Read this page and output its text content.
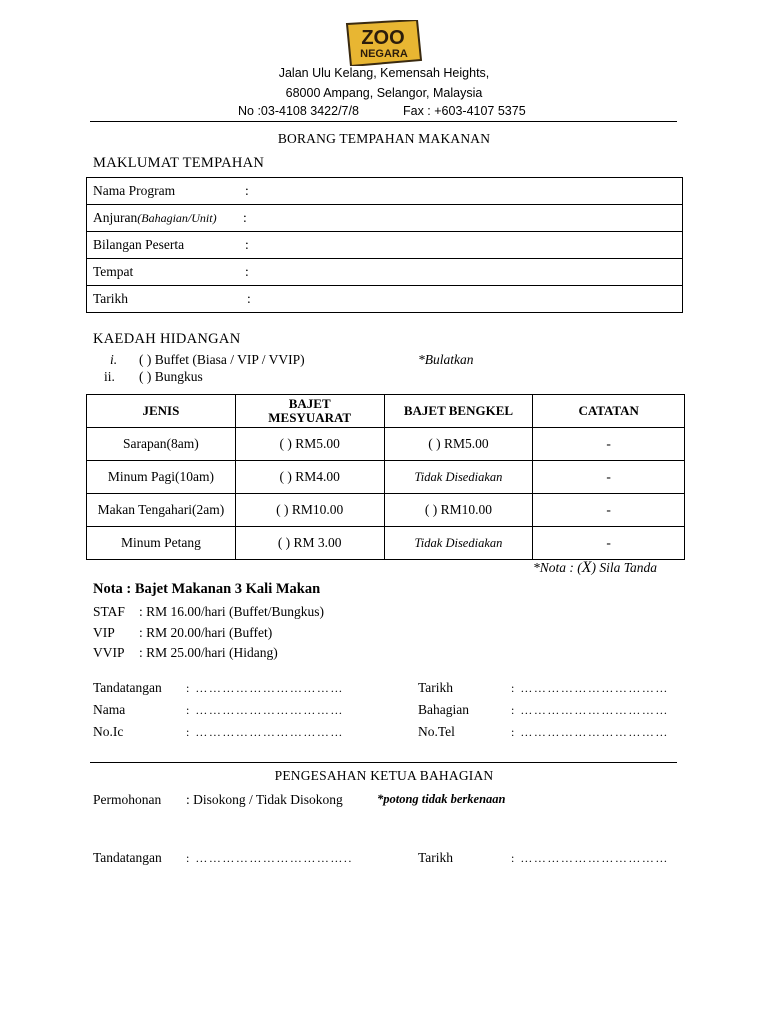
ZOO
NEGARA
Jalan Ulu Kelang, Kemensah Heights,
68000 Ampang, Selangor, Malaysia
No :03-4108 3422/7/8	Fax : +603-4107 5375
BORANG TEMPAHAN MAKANAN
MAKLUMAT TEMPAHAN
Nama Program	:
Anjuran(Bahagian/Unit) :
Bilangan Peserta	:
Tempat	:
Tarikh	:
KAEDAH HIDANGAN
i. ( ) Buffet (Biasa / VIP / VVIP)	*Bulatkan
ii. ( ) Bungkus
JENIS	BAJET MESYUARAT	BAJET BENGKEL	CATATAN
Sarapan(8am)	( ) RM5.00	( ) RM5.00	-
Minum Pagi(10am)	( ) RM4.00	Tidak Disediakan	-
Makan Tengahari(2am)	( ) RM10.00	( ) RM10.00	-
Minum Petang	( ) RM 3.00	Tidak Disediakan	-
*Nota : (X) Sila Tanda
Nota : Bajet Makanan 3 Kali Makan
STAF : RM 16.00/hari (Buffet/Bungkus)
VIP : RM 20.00/hari (Buffet)
VVIP : RM 25.00/hari (Hidang)
Tandatangan : ……………………………	Tarikh	: ……………………………
Nama	: ……………………………	Bahagian	: ……………………………
No.Ic	: ……………………………	No.Tel	: ……………………………
PENGESAHAN KETUA BAHAGIAN
Permohonan : Disokong / Tidak Disokong	*potong tidak berkenaan
Tandatangan : ……………………………..	Tarikh	: ……………………………
